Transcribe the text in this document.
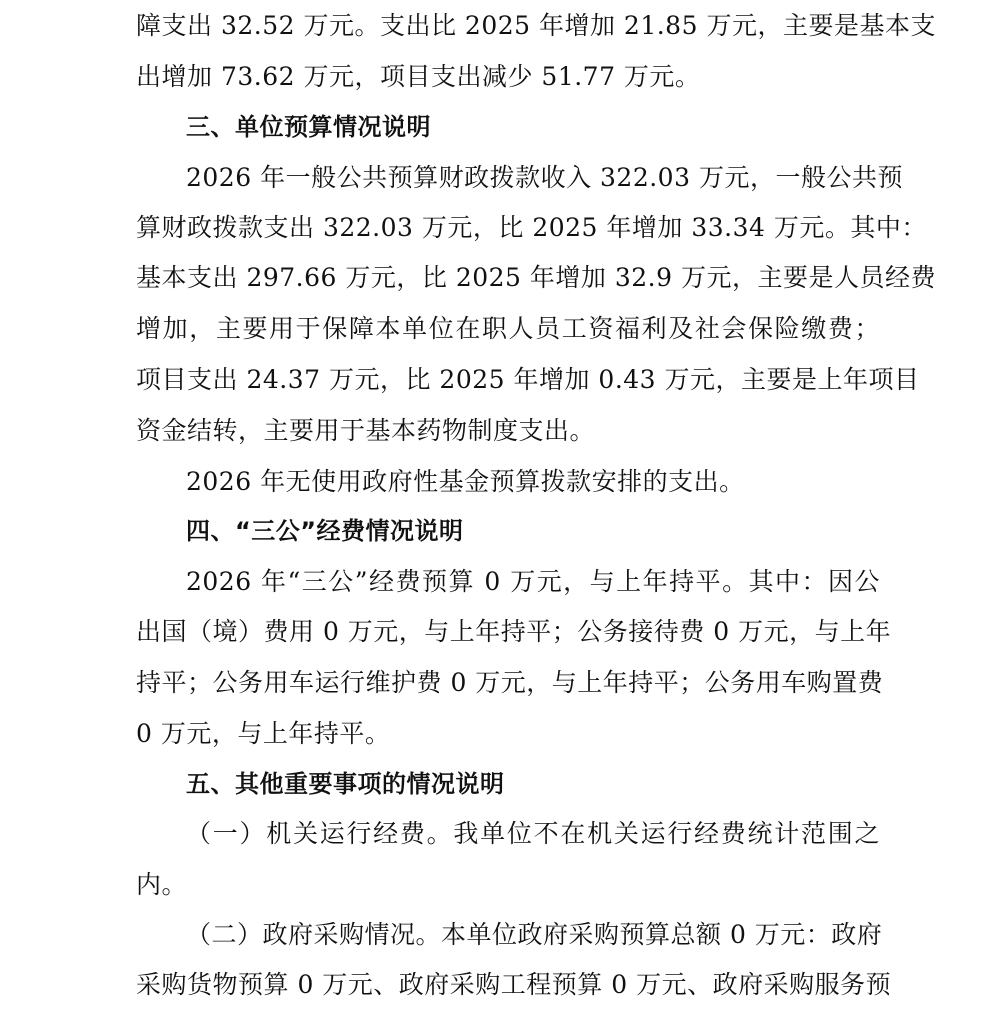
障支出 32.52 万元。支出比 2025 年增加 21.85 万元，主要是基本支
出增加 73.62 万元，项目支出减少 51.77 万元。
三、单位预算情况说明
2026 年一般公共预算财政拨款收入 322.03 万元，一般公共预
算财政拨款支出 322.03 万元，比 2025 年增加 33.34 万元。其中：
基本支出 297.66 万元，比 2025 年增加 32.9 万元，主要是人员经费
增加，主要用于保障本单位在职人员工资福利及社会保险缴费；
项目支出 24.37 万元，比 2025 年增加 0.43 万元，主要是上年项目
资金结转，主要用于基本药物制度支出。
2026 年无使用政府性基金预算拨款安排的支出。
四、“三公”经费情况说明
2026 年“三公”经费预算 0 万元，与上年持平。其中：因公
出国（境）费用 0 万元，与上年持平；公务接待费 0 万元，与上年
持平；公务用车运行维护费 0 万元，与上年持平；公务用车购置费
0 万元，与上年持平。
五、其他重要事项的情况说明
（一）机关运行经费。我单位不在机关运行经费统计范围之
内。
（二）政府采购情况。本单位政府采购预算总额 0 万元：政府
采购货物预算 0 万元、政府采购工程预算 0 万元、政府采购服务预
